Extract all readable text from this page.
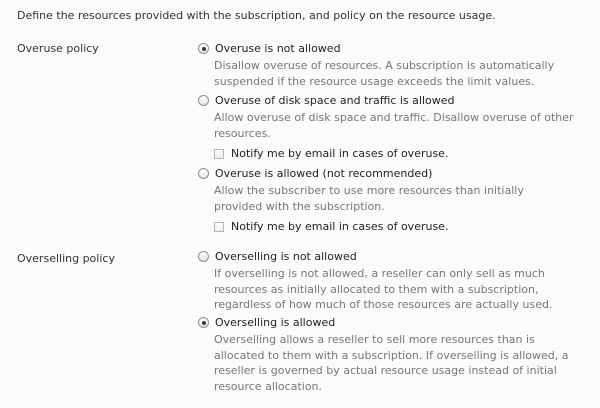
Define the resources provided with the subscription, and policy on the resource usage.
Overuse policy	Overuse is not allowed
Disallow overuse of resources. A subscription is automatically suspended if the resource usage exceeds the limit values.
Overuse of disk space and traffic is allowed
Allow overuse of disk space and traffic. Disallow overuse of other resources.
Notify me by email in cases of overuse.
Overuse is allowed (not recommended)
Allow the subscriber to use more resources than initially provided with the subscription.
Notify me by email in cases of overuse.
Overselling policy	Overselling is not allowed
If overselling is not allowed, a reseller can only sell as much resources as initially allocated to them with a subscription, regardless of how much of those resources are actually used.
Overselling is allowed
Overselling allows a reseller to sell more resources than is allocated to them with a subscription. If overselling is allowed, a reseller is governed by actual resource usage instead of initial resource allocation.
